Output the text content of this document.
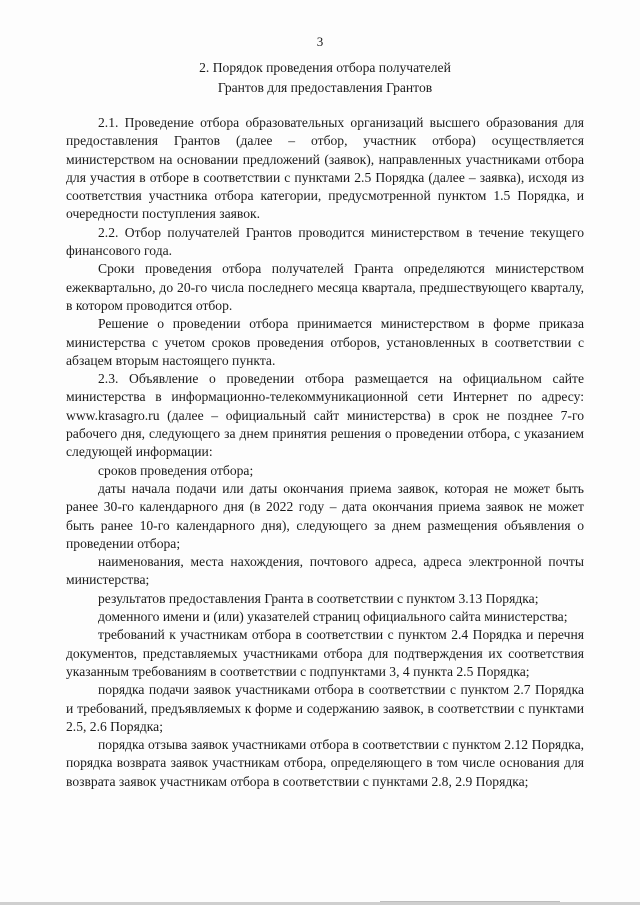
3
2. Порядок проведения отбора получателей
Грантов для предоставления Грантов

2.1. Проведение отбора образовательных организаций высшего образования для предоставления Грантов (далее – отбор, участник отбора) осуществляется министерством на основании предложений (заявок), направленных участниками отбора для участия в отборе в соответствии с пунктами 2.5 Порядка (далее – заявка), исходя из соответствия участника отбора категории, предусмотренной пунктом 1.5 Порядка, и очередности поступления заявок.

2.2. Отбор получателей Грантов проводится министерством в течение текущего финансового года.

Сроки проведения отбора получателей Гранта определяются министерством ежеквартально, до 20-го числа последнего месяца квартала, предшествующего кварталу, в котором проводится отбор.

Решение о проведении отбора принимается министерством в форме приказа министерства с учетом сроков проведения отборов, установленных в соответствии с абзацем вторым настоящего пункта.

2.3. Объявление о проведении отбора размещается на официальном сайте министерства в информационно-телекоммуникационной сети Интернет по адресу: www.krasagro.ru (далее – официальный сайт министерства) в срок не позднее 7-го рабочего дня, следующего за днем принятия решения о проведении отбора, с указанием следующей информации:

сроков проведения отбора;

даты начала подачи или даты окончания приема заявок, которая не может быть ранее 30-го календарного дня (в 2022 году – дата окончания приема заявок не может быть ранее 10-го календарного дня), следующего за днем размещения объявления о проведении отбора;

наименования, места нахождения, почтового адреса, адреса электронной почты министерства;

результатов предоставления Гранта в соответствии с пунктом 3.13 Порядка;

доменного имени и (или) указателей страниц официального сайта министерства;

требований к участникам отбора в соответствии с пунктом 2.4 Порядка и перечня документов, представляемых участниками отбора для подтверждения их соответствия указанным требованиям в соответствии с подпунктами 3, 4 пункта 2.5 Порядка;

порядка подачи заявок участниками отбора в соответствии с пунктом 2.7 Порядка и требований, предъявляемых к форме и содержанию заявок, в соответствии с пунктами 2.5, 2.6 Порядка;

порядка отзыва заявок участниками отбора в соответствии с пунктом 2.12 Порядка, порядка возврата заявок участникам отбора, определяющего в том числе основания для возврата заявок участникам отбора в соответствии с пунктами 2.8, 2.9 Порядка;
